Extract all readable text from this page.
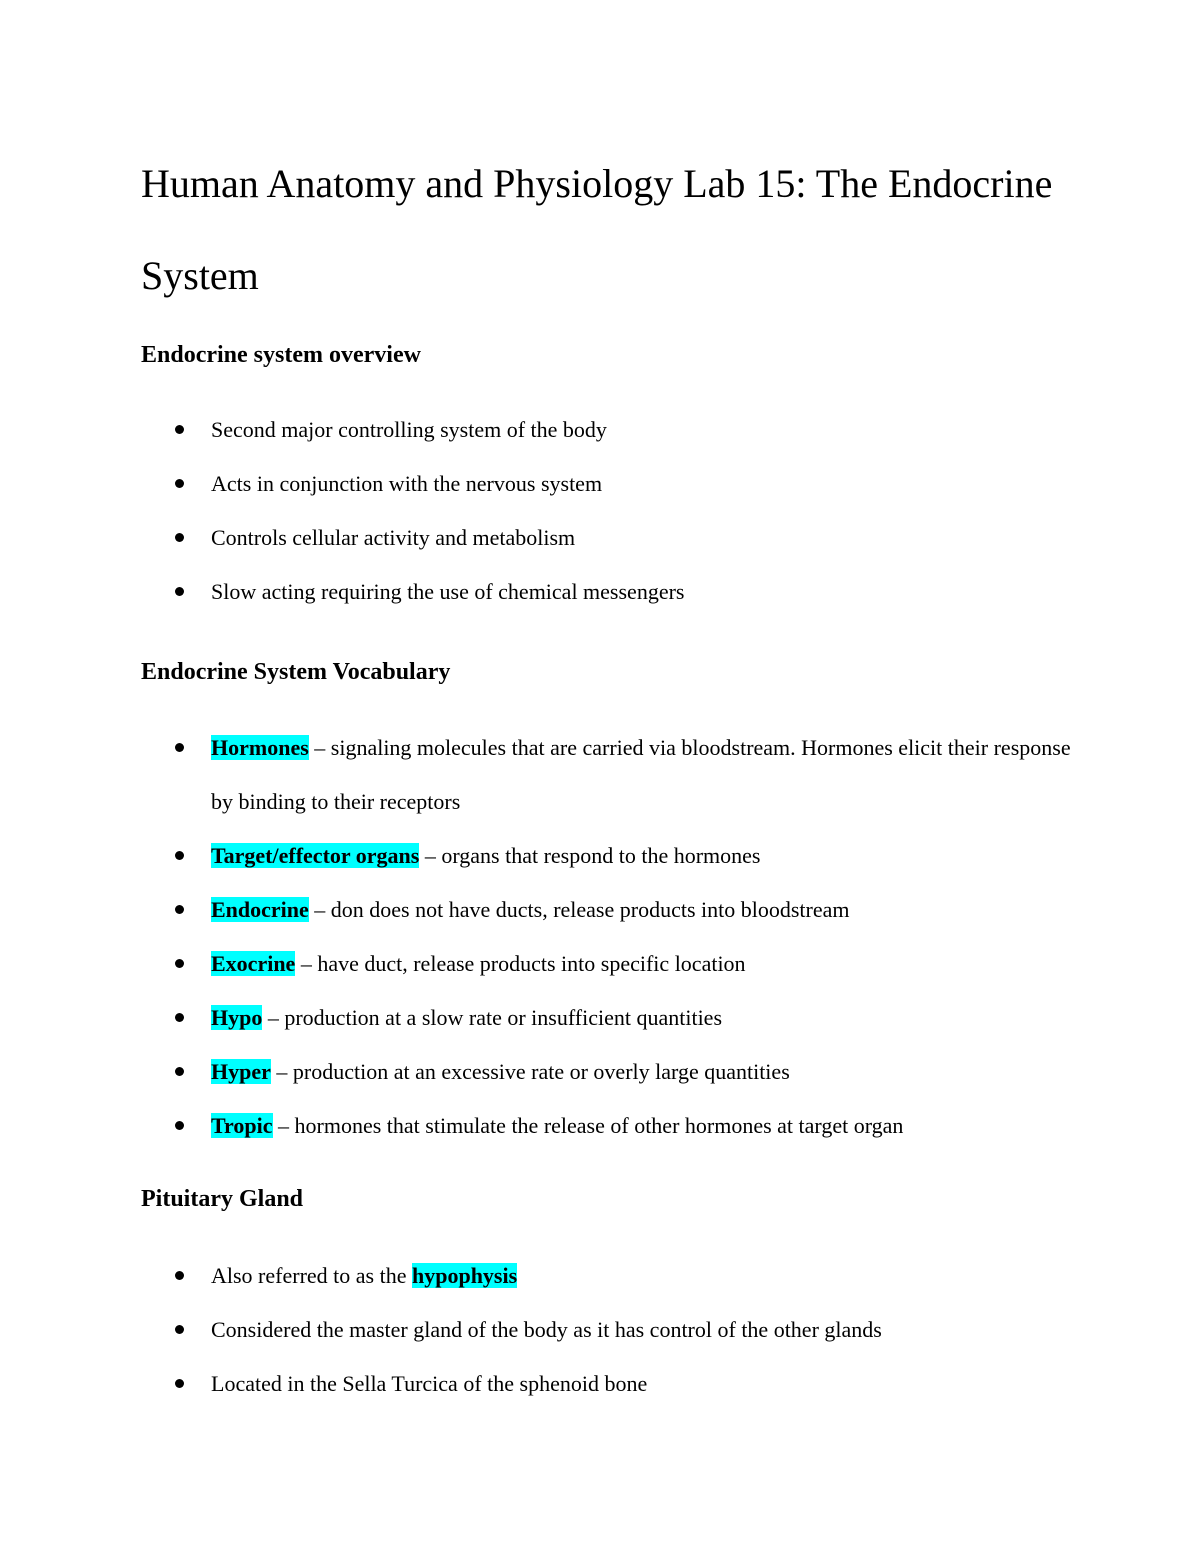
Human Anatomy and Physiology Lab 15: The Endocrine System
Endocrine system overview
Second major controlling system of the body
Acts in conjunction with the nervous system
Controls cellular activity and metabolism
Slow acting requiring the use of chemical messengers
Endocrine System Vocabulary
Hormones – signaling molecules that are carried via bloodstream. Hormones elicit their response by binding to their receptors
Target/effector organs – organs that respond to the hormones
Endocrine – don does not have ducts, release products into bloodstream
Exocrine – have duct, release products into specific location
Hypo – production at a slow rate or insufficient quantities
Hyper – production at an excessive rate or overly large quantities
Tropic – hormones that stimulate the release of other hormones at target organ
Pituitary Gland
Also referred to as the hypophysis
Considered the master gland of the body as it has control of the other glands
Located in the Sella Turcica of the sphenoid bone
